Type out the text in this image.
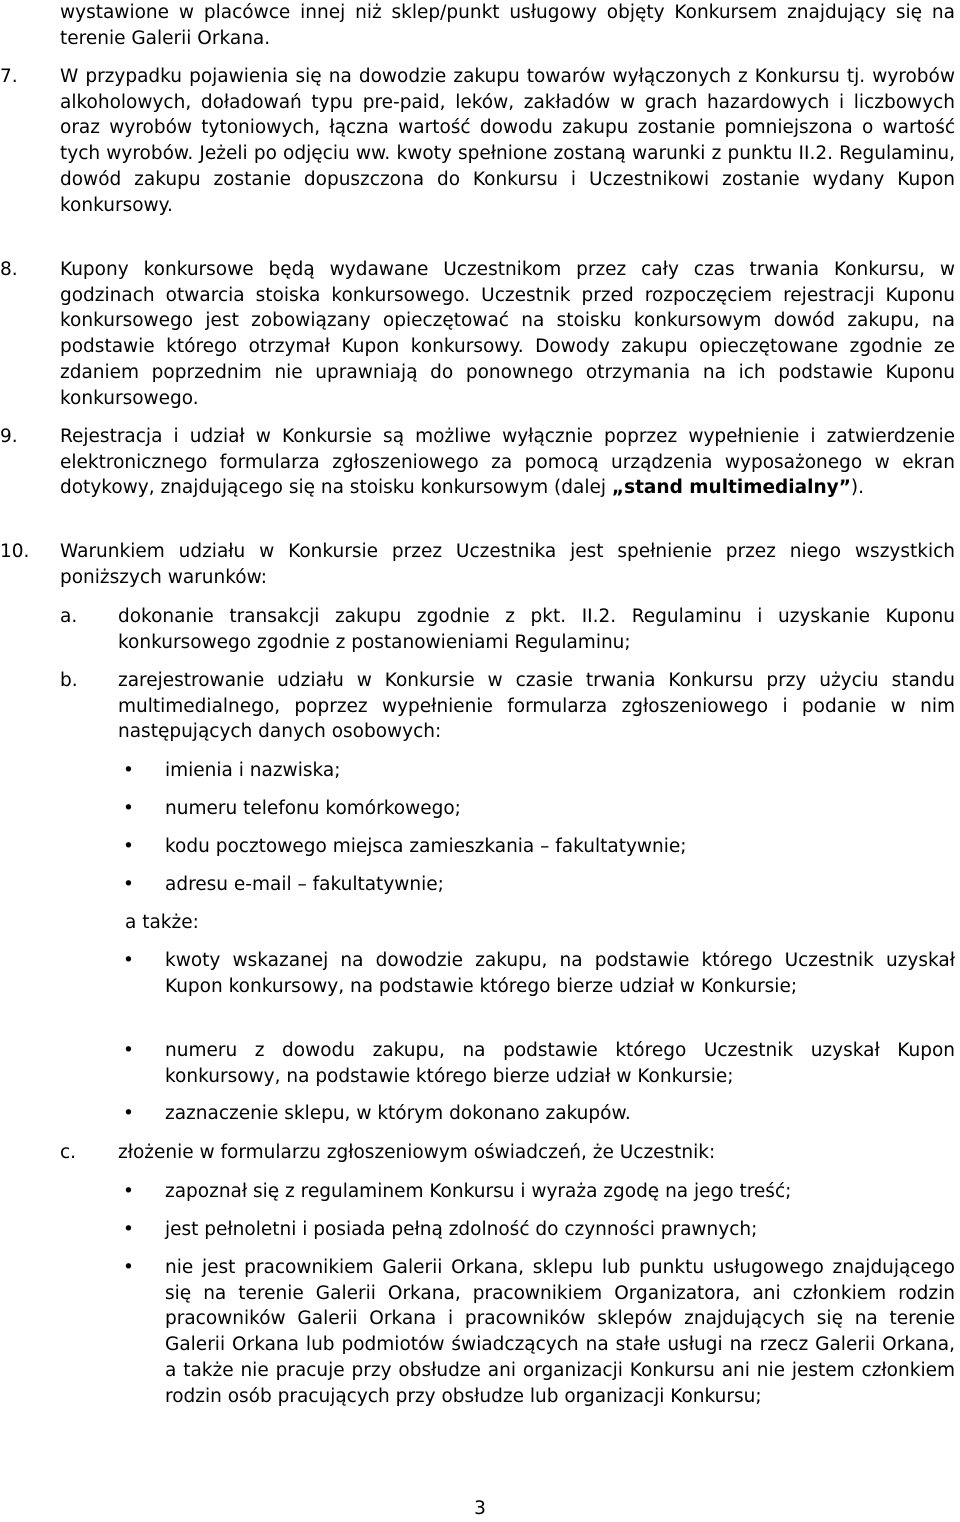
wystawione w placówce innej niż sklep/punkt usługowy objęty Konkursem znajdujący się na terenie Galerii Orkana.
7. W przypadku pojawienia się na dowodzie zakupu towarów wyłączonych z Konkursu tj. wyrobów alkoholowych, doładowań typu pre-paid, leków, zakładów w grach hazardowych i liczbowych oraz wyrobów tytoniowych, łączna wartość dowodu zakupu zostanie pomniejszona o wartość tych wyrobów. Jeżeli po odjęciu ww. kwoty spełnione zostaną warunki z punktu II.2. Regulaminu, dowód zakupu zostanie dopuszczona do Konkursu i Uczestnikowi zostanie wydany Kupon konkursowy.
8. Kupony konkursowe będą wydawane Uczestnikom przez cały czas trwania Konkursu, w godzinach otwarcia stoiska konkursowego. Uczestnik przed rozpoczęciem rejestracji Kuponu konkursowego jest zobowiązany opieczętować na stoisku konkursowym dowód zakupu, na podstawie którego otrzymał Kupon konkursowy. Dowody zakupu opieczętowane zgodnie ze zdaniem poprzednim nie uprawniają do ponownego otrzymania na ich podstawie Kuponu konkursowego.
9. Rejestracja i udział w Konkursie są możliwe wyłącznie poprzez wypełnienie i zatwierdzenie elektronicznego formularza zgłoszeniowego za pomocą urządzenia wyposażonego w ekran dotykowy, znajdującego się na stoisku konkursowym (dalej „stand multimedialny”).
10. Warunkiem udziału w Konkursie przez Uczestnika jest spełnienie przez niego wszystkich poniższych warunków:
a. dokonanie transakcji zakupu zgodnie z pkt. II.2. Regulaminu i uzyskanie Kuponu konkursowego zgodnie z postanowieniami Regulaminu;
b. zarejestrowanie udziału w Konkursie w czasie trwania Konkursu przy użyciu standu multimedialnego, poprzez wypełnienie formularza zgłoszeniowego i podanie w nim następujących danych osobowych:
• imienia i nazwiska;
• numeru telefonu komórkowego;
• kodu pocztowego miejsca zamieszkania – fakultatywnie;
• adresu e-mail – fakultatywnie;
a także:
• kwoty wskazanej na dowodzie zakupu, na podstawie którego Uczestnik uzyskał Kupon konkursowy, na podstawie którego bierze udział w Konkursie;
• numeru z dowodu zakupu, na podstawie którego Uczestnik uzyskał Kupon konkursowy, na podstawie którego bierze udział w Konkursie;
• zaznaczenie sklepu, w którym dokonano zakupów.
c. złożenie w formularzu zgłoszeniowym oświadczeń, że Uczestnik:
• zapoznał się z regulaminem Konkursu i wyraża zgodę na jego treść;
• jest pełnoletni i posiada pełną zdolność do czynności prawnych;
• nie jest pracownikiem Galerii Orkana, sklepu lub punktu usługowego znajdującego się na terenie Galerii Orkana, pracownikiem Organizatora, ani członkiem rodzin pracowników Galerii Orkana i pracowników sklepów znajdujących się na terenie Galerii Orkana lub podmiotów świadczących na stałe usługi na rzecz Galerii Orkana, a także nie pracuje przy obsłudze ani organizacji Konkursu ani nie jestem członkiem rodzin osób pracujących przy obsłudze lub organizacji Konkursu;
3
